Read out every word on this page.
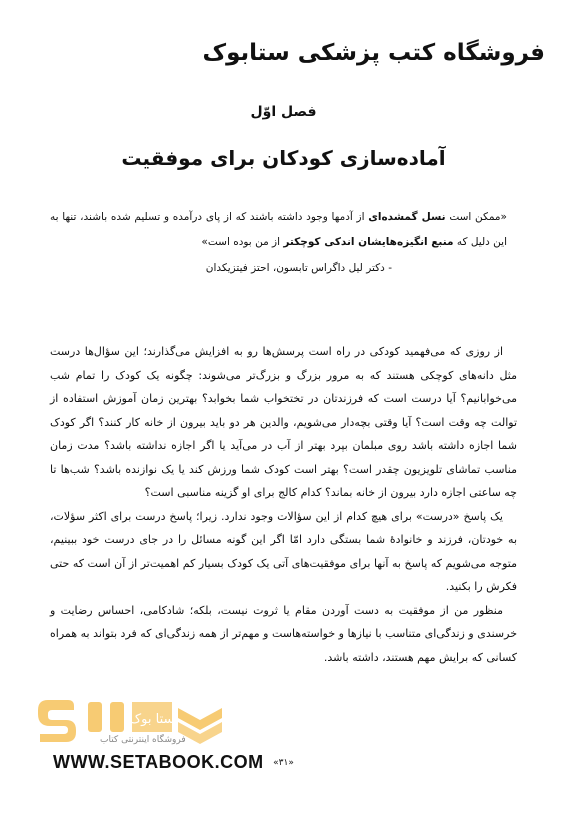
فروشگاه کتب پزشکی ستابوک
فصل اوّل
آماده‌سازی کودکان برای موفقیت
«ممکن است نسل گمشده‌ای از آدمها وجود داشته باشند که از پای درآمده و تسلیم شده باشند، تنها به این دلیل که منبع انگیزه‌هایشان اندکی کوچکتر از من بوده است»
- دکتر لیل داگراس تابسون، احتز فیتزیکدان

از روزی که می‌فهمید کودکی در راه است پرسش‌ها رو به افزایش می‌گذارند؛ این سؤال‌ها درست مثل دانه‌های کوچکی هستند که به مرور بزرگ و بزرگ‌تر می‌شوند: چگونه یک کودک را تمام شب می‌خوابانیم؟ آیا درست است که فرزندتان در تختخواب شما بخوابد؟ بهترین زمان آموزش استفاده از توالت چه وقت است؟ آیا وقتی بچه‌دار می‌شویم، والدین هر دو باید بیرون از خانه کار کنند؟ اگر کودک شما اجازه داشته باشد روی مبلمان بپرد بهتر از آب در می‌آید یا اگر اجازه نداشته باشد؟ مدت زمان مناسب تماشای تلویزیون چقدر است؟ بهتر است کودک شما ورزش کند یا یک نوازنده باشد؟ شب‌ها تا چه ساعتی اجازه دارد بیرون از خانه بماند؟ کدام کالج برای او گزینه مناسبی است؟

یک پاسخ «درست» برای هیچ کدام از این سؤالات وجود ندارد. زیرا؛ پاسخ درست برای اکثر سؤلات، به خودتان، فرزند و خانوادهٔ شما بستگی دارد امّا اگر این گونه مسائل را در جای درست خود ببینیم، متوجه می‌شویم که پاسخ به آنها برای موفقیت‌های آتی یک کودک بسیار کم اهمیت‌تر از آن است که حتی فکرش را بکنید.

منظور من از موفقیت به دست آوردن مقام یا ثروت نیست، بلکه؛ شادکامی، احساس رضایت و خرسندی و زندگی‌ای متناسب با نیازها و خواسته‌هاست و مهم‌تر از همه زندگی‌ای که فرد بتواند به همراه کسانی که برایش مهم هستند، داشته باشد.

ستا بوک
فروشگاه اینترنتی کتاب
WWW.SETABOOK.COM	«۳۱»
